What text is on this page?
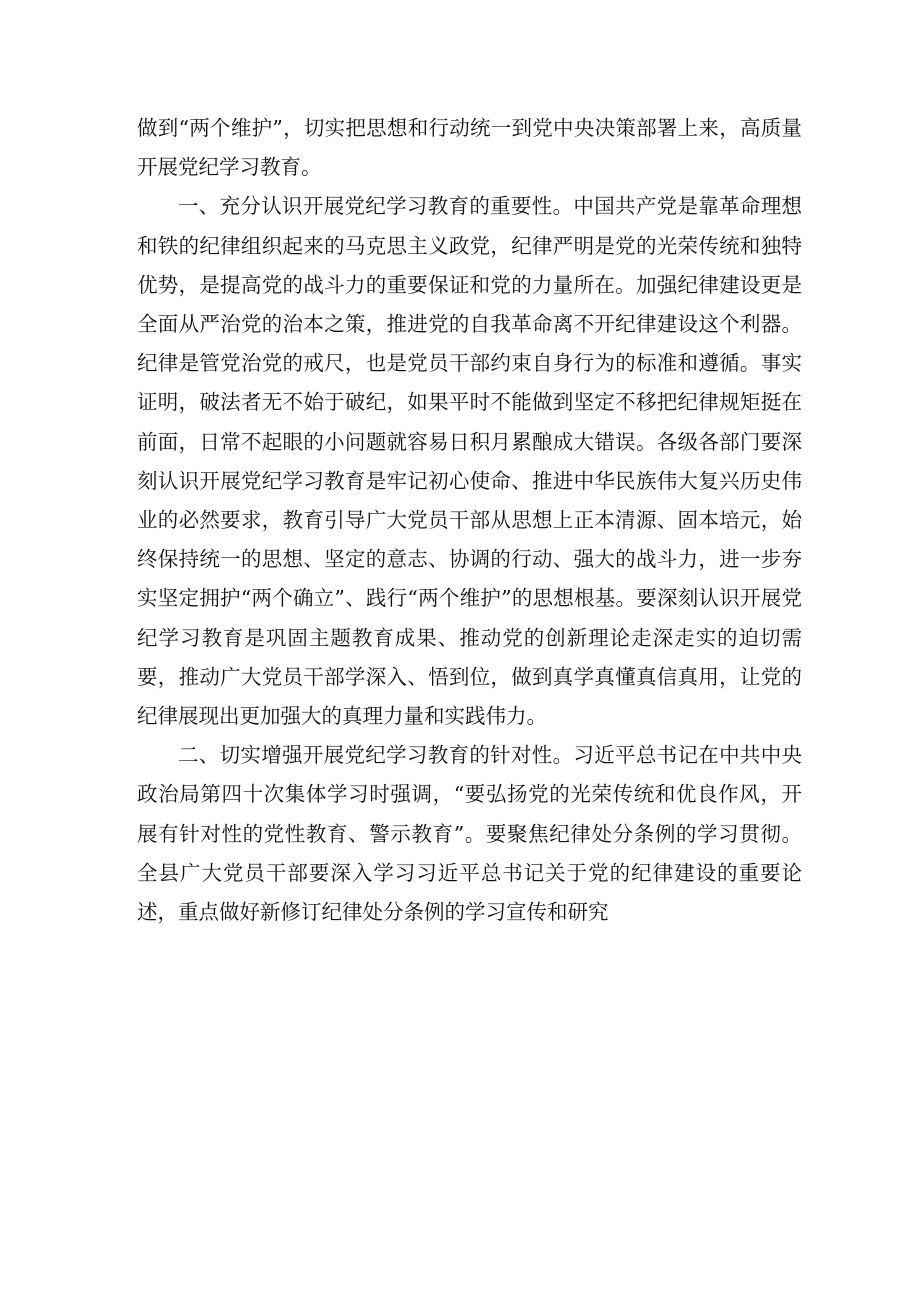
做到“两个维护”，切实把思想和行动统一到党中央决策部署上来，高质量开展党纪学习教育。

一、充分认识开展党纪学习教育的重要性。中国共产党是靠革命理想和铁的纪律组织起来的马克思主义政党，纪律严明是党的光荣传统和独特优势，是提高党的战斗力的重要保证和党的力量所在。加强纪律建设更是全面从严治党的治本之策，推进党的自我革命离不开纪律建设这个利器。纪律是管党治党的戒尺，也是党员干部约束自身行为的标准和遵循。事实证明，破法者无不始于破纪，如果平时不能做到坚定不移把纪律规矩挺在前面，日常不起眼的小问题就容易日积月累酿成大错误。各级各部门要深刻认识开展党纪学习教育是牢记初心使命、推进中华民族伟大复兴历史伟业的必然要求，教育引导广大党员干部从思想上正本清源、固本培元，始终保持统一的思想、坚定的意志、协调的行动、强大的战斗力，进一步夯实坚定拥护“两个确立”、践行“两个维护”的思想根基。要深刻认识开展党纪学习教育是巩固主题教育成果、推动党的创新理论走深走实的迫切需要，推动广大党员干部学深入、悟到位，做到真学真懂真信真用，让党的纪律展现出更加强大的真理力量和实践伟力。

二、切实增强开展党纪学习教育的针对性。习近平总书记在中共中央政治局第四十次集体学习时强调，“要弘扬党的光荣传统和优良作风，开展有针对性的党性教育、警示教育”。要聚焦纪律处分条例的学习贯彻。全县广大党员干部要深入学习习近平总书记关于党的纪律建设的重要论述，重点做好新修订纪律处分条例的学习宣传和研究
